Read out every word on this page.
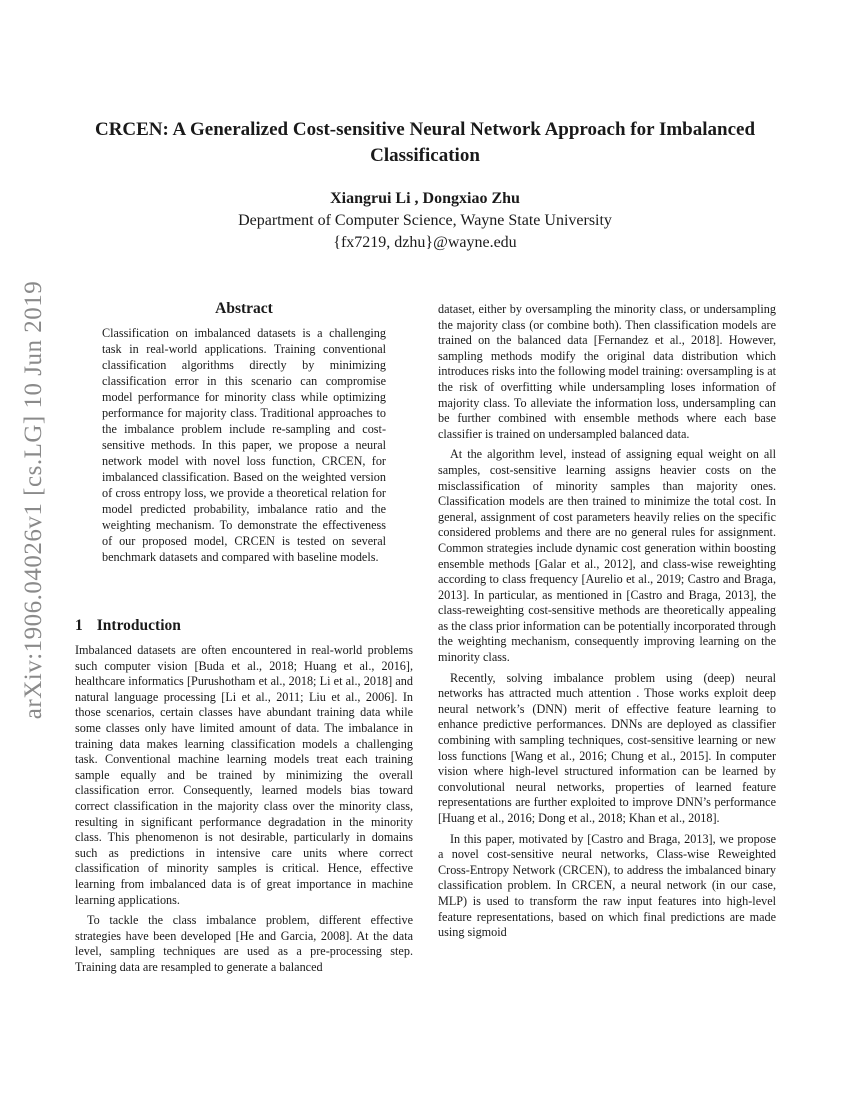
arXiv:1906.04026v1 [cs.LG] 10 Jun 2019
CRCEN: A Generalized Cost-sensitive Neural Network Approach for Imbalanced Classification
Xiangrui Li , Dongxiao Zhu
Department of Computer Science, Wayne State University
{fx7219, dzhu}@wayne.edu
Abstract

Classification on imbalanced datasets is a challenging task in real-world applications. Training conventional classification algorithms directly by minimizing classification error in this scenario can compromise model performance for minority class while optimizing performance for majority class. Traditional approaches to the imbalance problem include re-sampling and cost-sensitive methods. In this paper, we propose a neural network model with novel loss function, CRCEN, for imbalanced classification. Based on the weighted version of cross entropy loss, we provide a theoretical relation for model predicted probability, imbalance ratio and the weighting mechanism. To demonstrate the effectiveness of our proposed model, CRCEN is tested on several benchmark datasets and compared with baseline models.

1 Introduction

Imbalanced datasets are often encountered in real-world problems such computer vision [Buda et al., 2018; Huang et al., 2016], healthcare informatics [Purushotham et al., 2018; Li et al., 2018] and natural language processing [Li et al., 2011; Liu et al., 2006]. In those scenarios, certain classes have abundant training data while some classes only have limited amount of data. The imbalance in training data makes learning classification models a challenging task. Conventional machine learning models treat each training sample equally and be trained by minimizing the overall classification error. Consequently, learned models bias toward correct classification in the majority class over the minority class, resulting in significant performance degradation in the minority class. This phenomenon is not desirable, particularly in domains such as predictions in intensive care units where correct classification of minority samples is critical. Hence, effective learning from imbalanced data is of great importance in machine learning applications.

To tackle the class imbalance problem, different effective strategies have been developed [He and Garcia, 2008]. At the data level, sampling techniques are used as a pre-processing step. Training data are resampled to generate a balanced

dataset, either by oversampling the minority class, or undersampling the majority class (or combine both). Then classification models are trained on the balanced data [Fernandez et al., 2018]. However, sampling methods modify the original data distribution which introduces risks into the following model training: oversampling is at the risk of overfitting while undersampling loses information of majority class. To alleviate the information loss, undersampling can be further combined with ensemble methods where each base classifier is trained on undersampled balanced data.

At the algorithm level, instead of assigning equal weight on all samples, cost-sensitive learning assigns heavier costs on the misclassification of minority samples than majority ones. Classification models are then trained to minimize the total cost. In general, assignment of cost parameters heavily relies on the specific considered problems and there are no general rules for assignment. Common strategies include dynamic cost generation within boosting ensemble methods [Galar et al., 2012], and class-wise reweighting according to class frequency [Aurelio et al., 2019; Castro and Braga, 2013]. In particular, as mentioned in [Castro and Braga, 2013], the class-reweighting cost-sensitive methods are theoretically appealing as the class prior information can be potentially incorporated through the weighting mechanism, consequently improving learning on the minority class.

Recently, solving imbalance problem using (deep) neural networks has attracted much attention . Those works exploit deep neural network’s (DNN) merit of effective feature learning to enhance predictive performances. DNNs are deployed as classifier combining with sampling techniques, cost-sensitive learning or new loss functions [Wang et al., 2016; Chung et al., 2015]. In computer vision where high-level structured information can be learned by convolutional neural networks, properties of learned feature representations are further exploited to improve DNN’s performance [Huang et al., 2016; Dong et al., 2018; Khan et al., 2018].

In this paper, motivated by [Castro and Braga, 2013], we propose a novel cost-sensitive neural networks, Class-wise Reweighted Cross-Entropy Network (CRCEN), to address the imbalanced binary classification problem. In CRCEN, a neural network (in our case, MLP) is used to transform the raw input features into high-level feature representations, based on which final predictions are made using sigmoid
